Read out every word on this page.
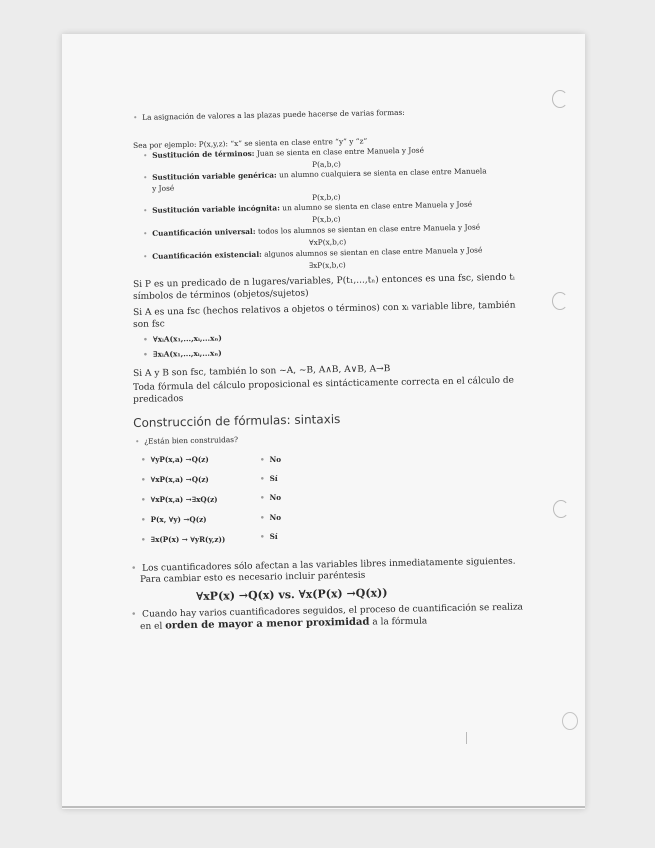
• La asignación de valores a las plazas puede hacerse de varias formas:
Sea por ejemplo: P(x,y,z): “x” se sienta en clase entre “y” y “z”
• Sustitución de términos: Juan se sienta en clase entre Manuela y José
P(a,b,c)
• Sustitución variable genérica: un alumno cualquiera se sienta en clase entre Manuela
y José
P(x,b,c)
• Sustitución variable incógnita: un alumno se sienta en clase entre Manuela y José
P(x,b,c)
• Cuantificación universal: todos los alumnos se sientan en clase entre Manuela y José
∀xP(x,b,c)
• Cuantificación existencial: algunos alumnos se sientan en clase entre Manuela y José
∃xP(x,b,c)
Si P es un predicado de n lugares/variables, P(t₁,...,tₙ) entonces es una fsc, siendo tᵢ
símbolos de términos (objetos/sujetos)
Si A es una fsc (hechos relativos a objetos o términos) con xᵢ variable libre, también
son fsc
• ∀xᵢA(x₁,...,xᵢ,...xₙ)
• ∃xᵢA(x₁,...,xᵢ,...xₙ)
Si A y B son fsc, también lo son ~A, ~B, A∧B, A∨B, A→B
Toda fórmula del cálculo proposicional es sintácticamente correcta en el cálculo de
predicados
Construcción de fórmulas: sintaxis
• ¿Están bien construidas?
• ∀yP(x,a) →Q(z)	• No
• ∀xP(x,a) →Q(z)	• Sí
• ∀xP(x,a) →∃xQ(z)	• No
• P(x, ∀y) →Q(z)	• No
• ∃x(P(x) → ∀yR(y,z))	• Sí
• Los cuantificadores sólo afectan a las variables libres inmediatamente siguientes.
Para cambiar esto es necesario incluir paréntesis
∀xP(x) →Q(x) vs. ∀x(P(x) →Q(x))
• Cuando hay varios cuantificadores seguidos, el proceso de cuantificación se realiza
en el orden de mayor a menor proximidad a la fórmula
